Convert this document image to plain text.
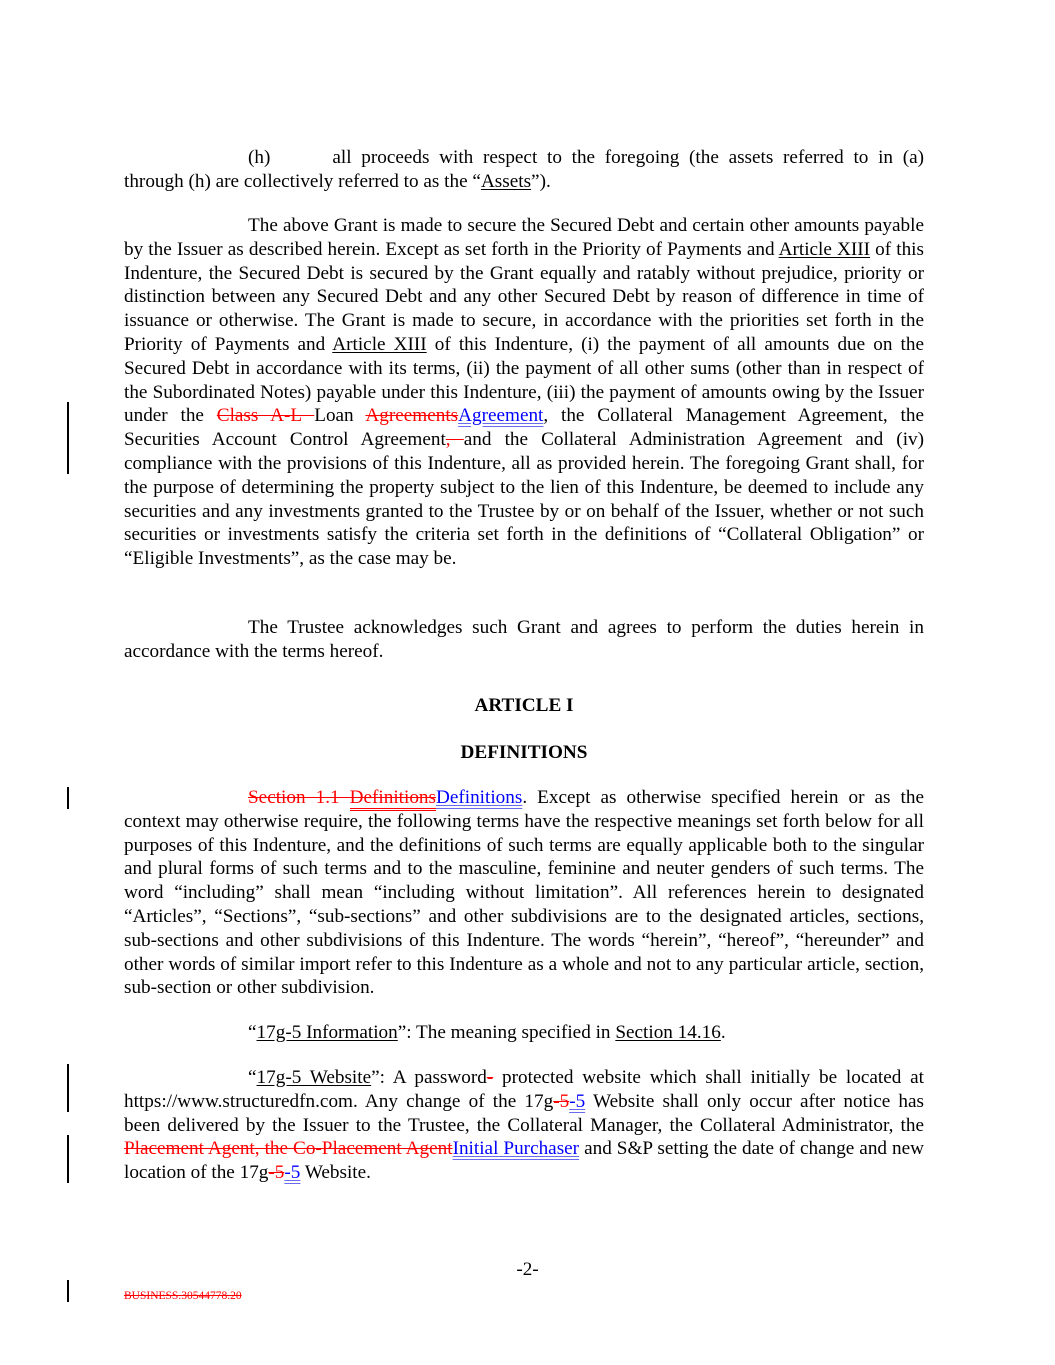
(h)	all proceeds with respect to the foregoing (the assets referred to in (a) through (h) are collectively referred to as the “Assets”).

The above Grant is made to secure the Secured Debt and certain other amounts payable by the Issuer as described herein. Except as set forth in the Priority of Payments and Article XIII of this Indenture, the Secured Debt is secured by the Grant equally and ratably without prejudice, priority or distinction between any Secured Debt and any other Secured Debt by reason of difference in time of issuance or otherwise. The Grant is made to secure, in accordance with the priorities set forth in the Priority of Payments and Article XIII of this Indenture, (i) the payment of all amounts due on the Secured Debt in accordance with its terms, (ii) the payment of all other sums (other than in respect of the Subordinated Notes) payable under this Indenture, (iii) the payment of amounts owing by the Issuer under the Class A-L Loan AgreementsAgreement, the Collateral Management Agreement, the Securities Account Control Agreement, and the Collateral Administration Agreement and (iv) compliance with the provisions of this Indenture, all as provided herein. The foregoing Grant shall, for the purpose of determining the property subject to the lien of this Indenture, be deemed to include any securities and any investments granted to the Trustee by or on behalf of the Issuer, whether or not such securities or investments satisfy the criteria set forth in the definitions of “Collateral Obligation” or “Eligible Investments”, as the case may be.

The Trustee acknowledges such Grant and agrees to perform the duties herein in accordance with the terms hereof.

ARTICLE I
DEFINITIONS

Section 1.1 DefinitionsDefinitions. Except as otherwise specified herein or as the context may otherwise require, the following terms have the respective meanings set forth below for all purposes of this Indenture, and the definitions of such terms are equally applicable both to the singular and plural forms of such terms and to the masculine, feminine and neuter genders of such terms. The word “including” shall mean “including without limitation”. All references herein to designated “Articles”, “Sections”, “sub-sections” and other subdivisions are to the designated articles, sections, sub-sections and other subdivisions of this Indenture. The words “herein”, “hereof”, “hereunder” and other words of similar import refer to this Indenture as a whole and not to any particular article, section, sub-section or other subdivision.

“17g-5 Information”: The meaning specified in Section 14.16.

“17g-5 Website”: A password- protected website which shall initially be located at https://www.structuredfn.com. Any change of the 17g-5-5 Website shall only occur after notice has been delivered by the Issuer to the Trustee, the Collateral Manager, the Collateral Administrator, the Placement Agent, the Co-Placement AgentInitial Purchaser and S&P setting the date of change and new location of the 17g-5-5 Website.

-2-
BUSINESS.30544778.20
